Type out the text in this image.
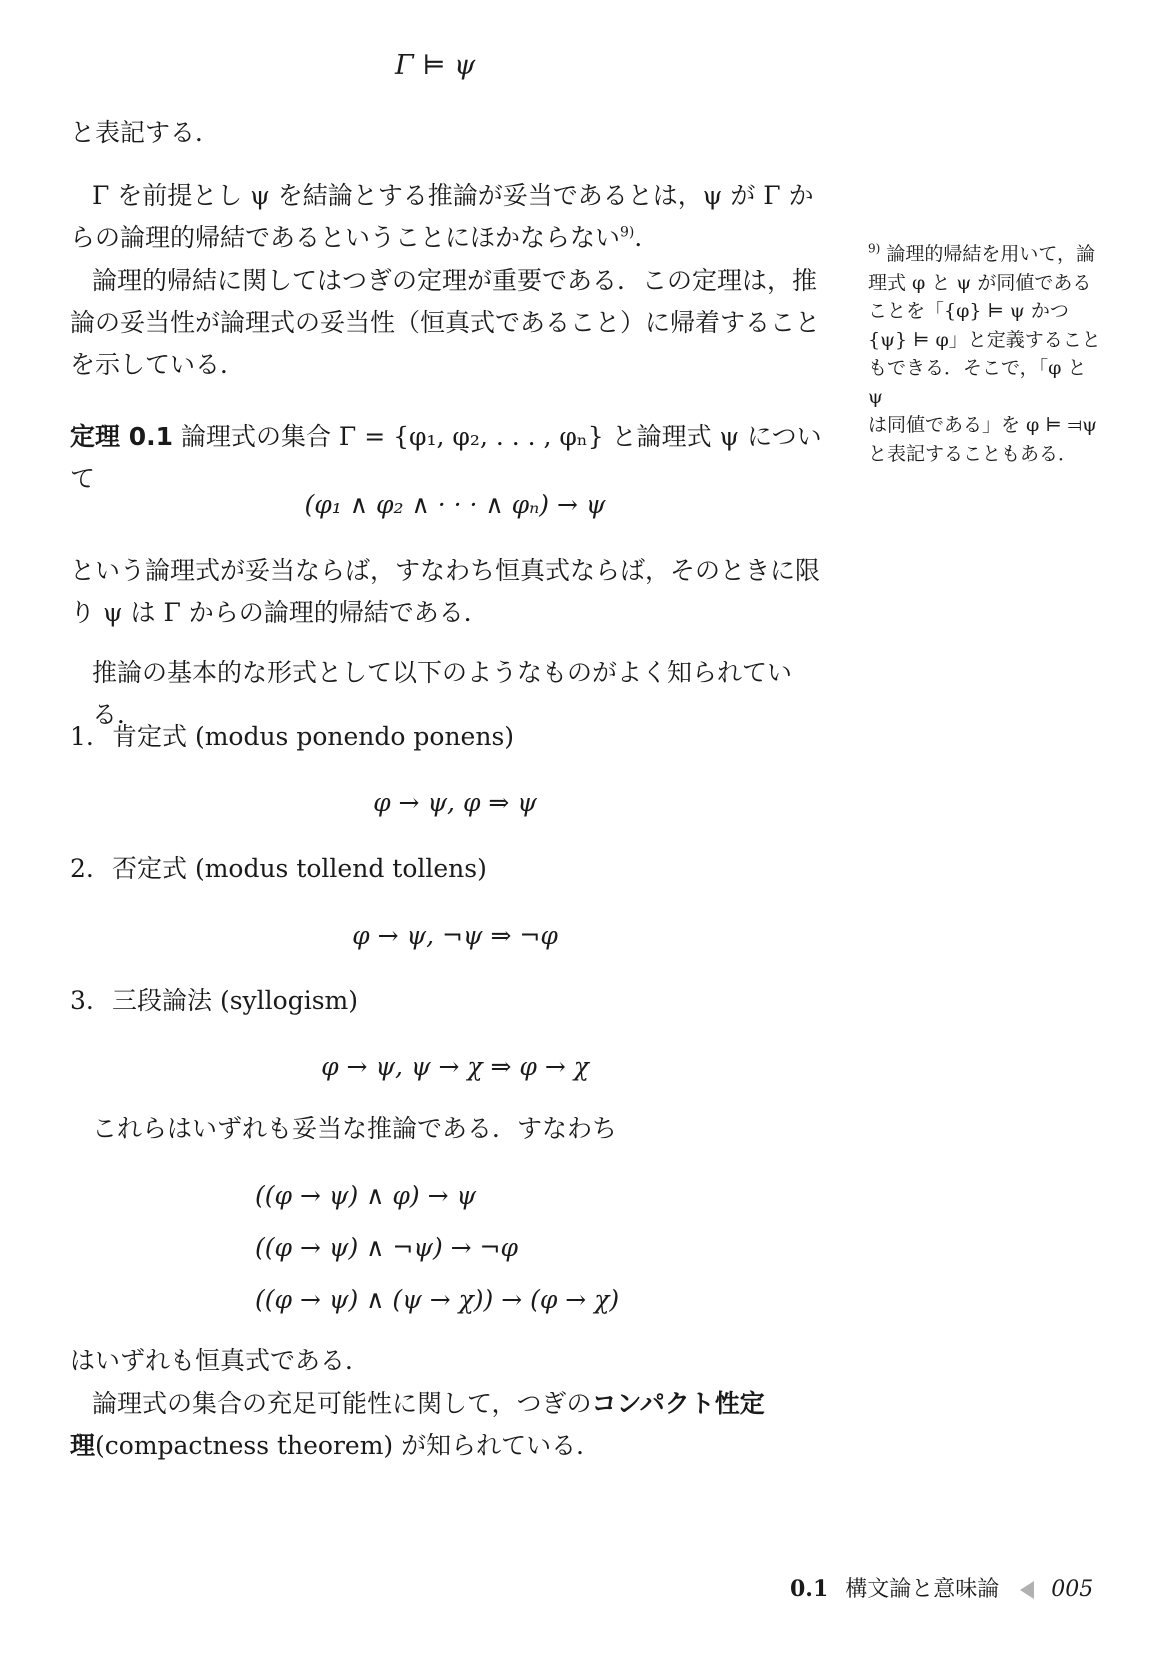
Γ ⊨ ψ
と表記する．
Γ を前提とし ψ を結論とする推論が妥当であるとは，ψ が Γ か
らの論理的帰結であるということにほかならない$^{9)}$．
論理的帰結に関してはつぎの定理が重要である．この定理は，推
論の妥当性が論理式の妥当性（恒真式であること）に帰着すること
を示している．
定理 0.1 論理式の集合 Γ = {φ₁, φ₂, . . . , φₙ} と論理式 ψ について
(φ₁ ∧ φ₂ ∧ · · · ∧ φₙ) → ψ
という論理式が妥当ならば，すなわち恒真式ならば，そのときに限
り ψ は Γ からの論理的帰結である．
推論の基本的な形式として以下のようなものがよく知られている．
1. 肯定式 (modus ponendo ponens)
φ → ψ, φ ⇒ ψ
2. 否定式 (modus tollend tollens)
φ → ψ, ¬ψ ⇒ ¬φ
3. 三段論法 (syllogism)
φ → ψ, ψ → χ ⇒ φ → χ
これらはいずれも妥当な推論である．すなわち
((φ → ψ) ∧ φ) → ψ
((φ → ψ) ∧ ¬ψ) → ¬φ
((φ → ψ) ∧ (ψ → χ)) → (φ → χ)
はいずれも恒真式である．
論理式の集合の充足可能性に関して，つぎのコンパクト性定
理(compactness theorem) が知られている．
$^{9)}$ 論理的帰結を用いて，論
理式 φ と ψ が同値である
ことを「{φ} ⊨ ψ かつ
{ψ} ⊨ φ」と定義すること
もできる．そこで，「φ と ψ
は同値である」を φ ⊨ ⫤ψ
と表記することもある．
0.1 構文論と意味論 005
